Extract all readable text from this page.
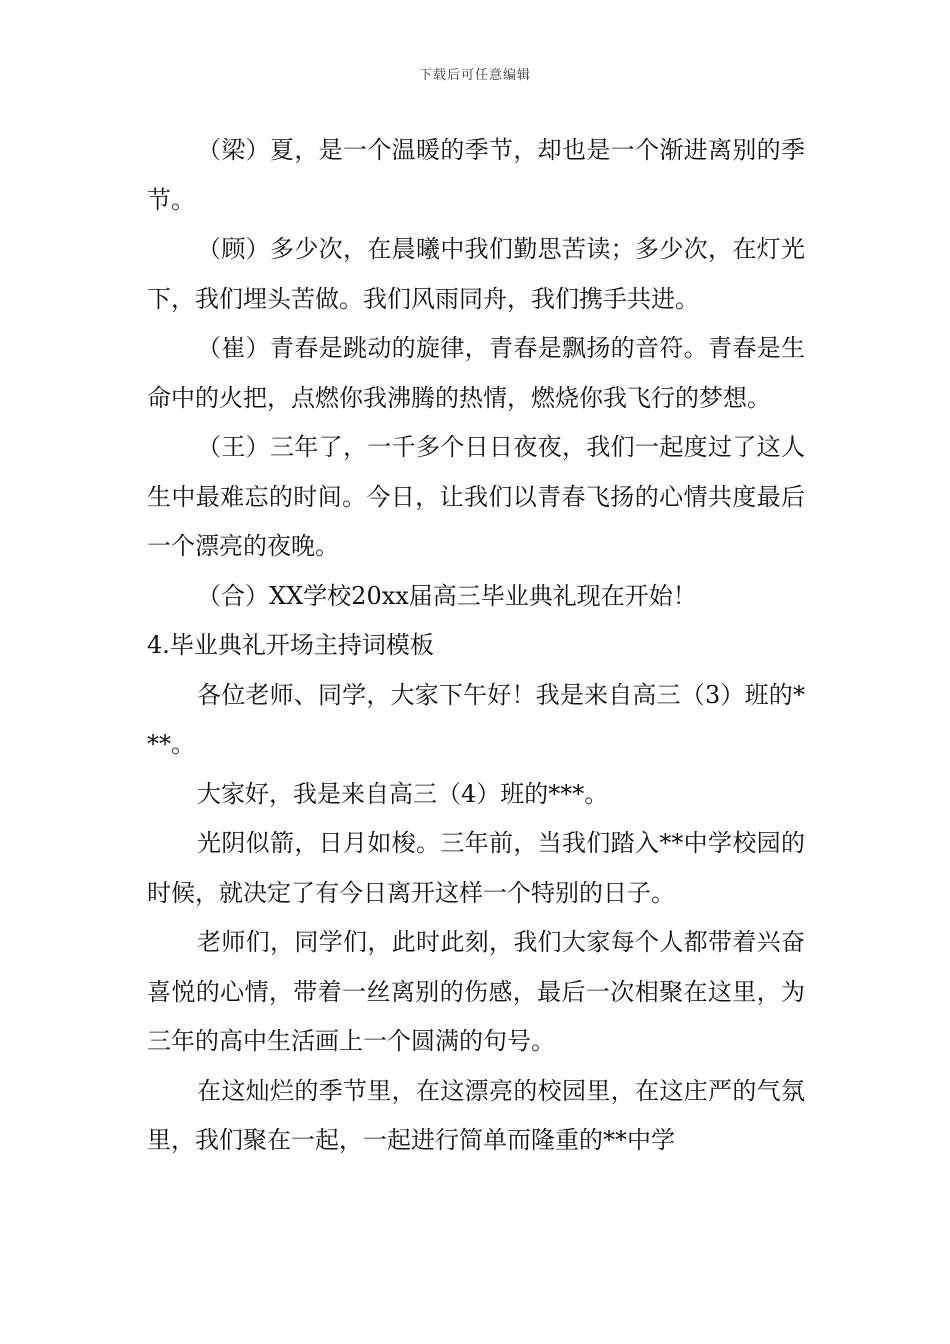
下载后可任意编辑

（梁）夏，是一个温暖的季节，却也是一个渐进离别的季节。

（顾）多少次，在晨曦中我们勤思苦读；多少次，在灯光下，我们埋头苦做。我们风雨同舟，我们携手共进。

（崔）青春是跳动的旋律，青春是飘扬的音符。青春是生命中的火把，点燃你我沸腾的热情，燃烧你我飞行的梦想。

（王）三年了，一千多个日日夜夜，我们一起度过了这人生中最难忘的时间。今日，让我们以青春飞扬的心情共度最后一个漂亮的夜晚。

（合）XX学校20xx届高三毕业典礼现在开始！

4.毕业典礼开场主持词模板

各位老师、同学，大家下午好！我是来自高三（3）班的***。

大家好，我是来自高三（4）班的***。

光阴似箭，日月如梭。三年前，当我们踏入**中学校园的时候，就决定了有今日离开这样一个特别的日子。

老师们，同学们，此时此刻，我们大家每个人都带着兴奋喜悦的心情，带着一丝离别的伤感，最后一次相聚在这里，为三年的高中生活画上一个圆满的句号。

在这灿烂的季节里，在这漂亮的校园里，在这庄严的气氛里，我们聚在一起，一起进行简单而隆重的**中学
